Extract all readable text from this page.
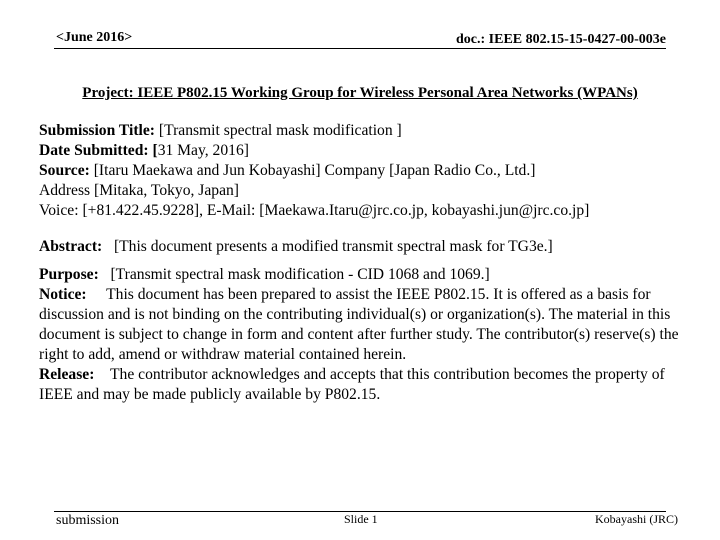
<June 2016>	doc.: IEEE 802.15-15-0427-00-003e
Project: IEEE P802.15 Working Group for Wireless Personal Area Networks (WPANs)
Submission Title: [Transmit spectral mask modification ]
Date Submitted: [31 May, 2016]
Source: [Itaru Maekawa and Jun Kobayashi] Company [Japan Radio Co., Ltd.]
Address [Mitaka, Tokyo, Japan]
Voice: [+81.422.45.9228], E-Mail: [Maekawa.Itaru@jrc.co.jp, kobayashi.jun@jrc.co.jp]
Abstract: [This document presents a modified transmit spectral mask for TG3e.]
Purpose: [Transmit spectral mask modification - CID 1068 and 1069.]
Notice: This document has been prepared to assist the IEEE P802.15. It is offered as a basis for discussion and is not binding on the contributing individual(s) or organization(s). The material in this document is subject to change in form and content after further study. The contributor(s) reserve(s) the right to add, amend or withdraw material contained herein.
Release: The contributor acknowledges and accepts that this contribution becomes the property of IEEE and may be made publicly available by P802.15.
submission	Slide 1	Kobayashi (JRC)
